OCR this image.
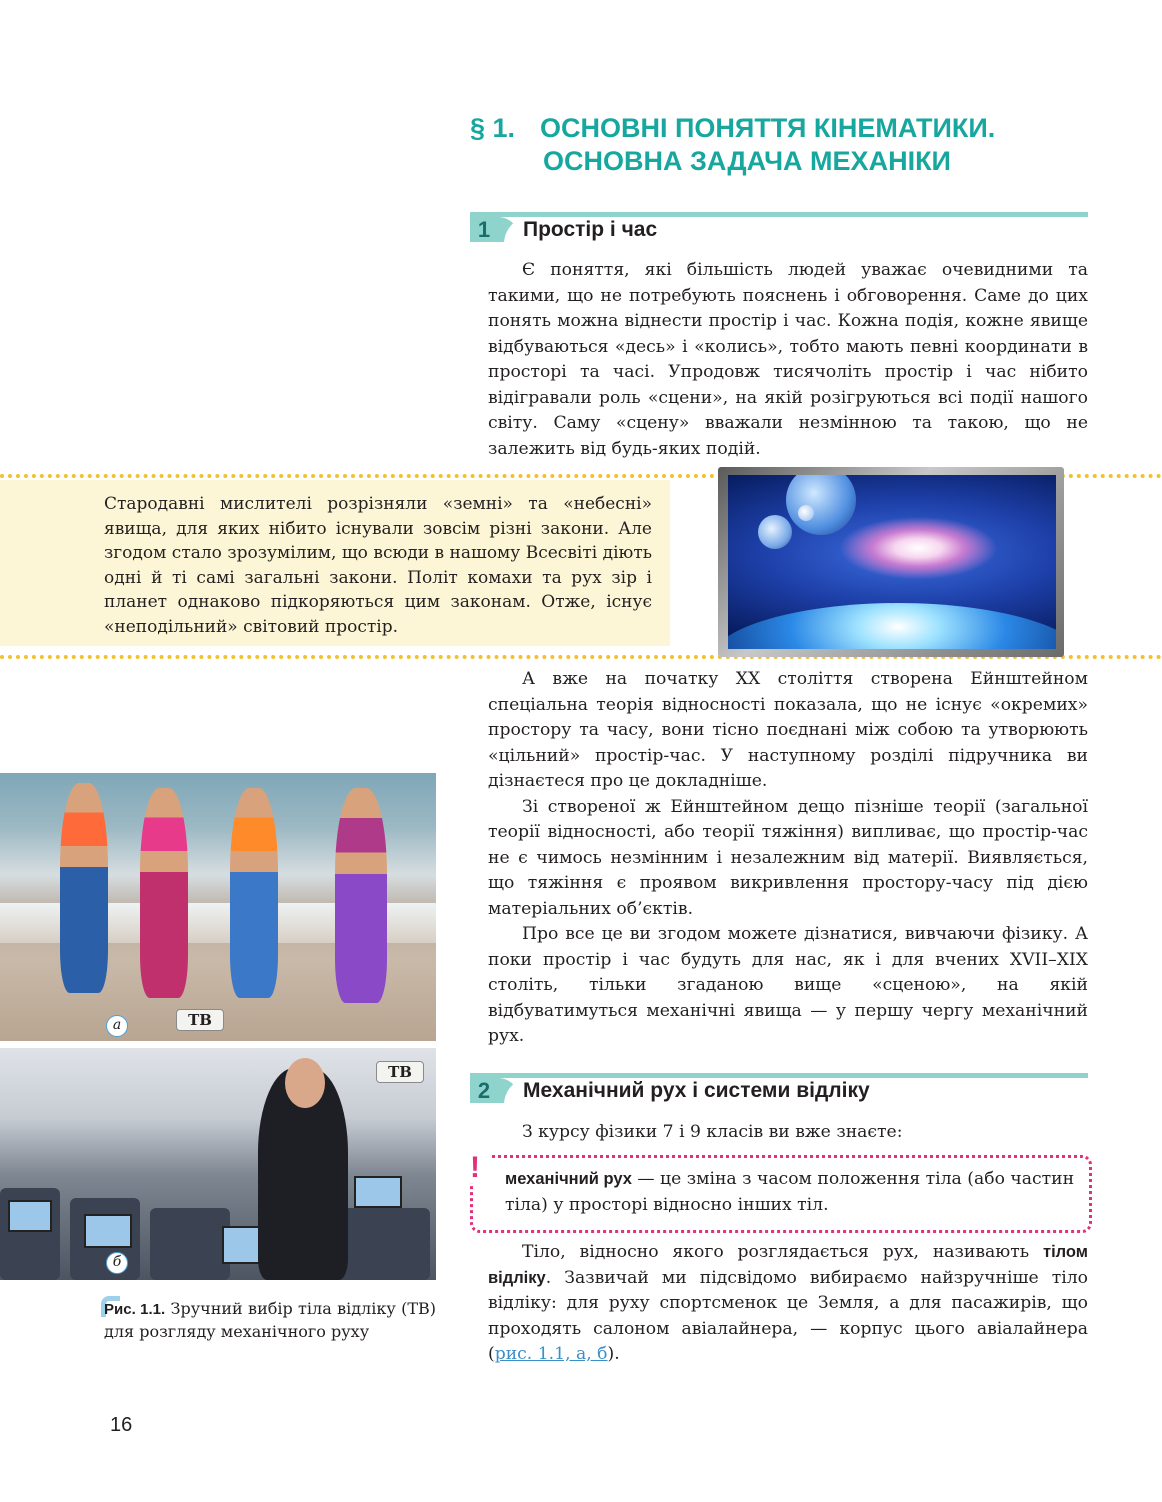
§ 1. ОСНОВНІ ПОНЯТТЯ КІНЕМАТИКИ.
ОСНОВНА ЗАДАЧА МЕХАНІКИ
1	Простір і час

Є поняття, які більшість людей уважає очевидними та такими, що не потребують пояснень і обговорення. Саме до цих понять можна віднести простір і час. Кожна подія, кожне явище відбуваються «десь» і «колись», тобто мають певні координати в просторі та часі. Упродовж тисячоліть простір і час нібито відігравали роль «сцени», на якій розігруються всі події нашого світу. Саму «сцену» вважали незмінною та такою, що не залежить від будь-яких подій.

Стародавні мислителі розрізняли «земні» та «небесні» явища, для яких нібито існували зовсім різні закони. Але згодом стало зрозумілим, що всюди в нашому Всесвіті діють одні й ті самі загальні закони. Політ комахи та рух зір і планет однаково підкоряються цим законам. Отже, існує «неподільний» світовий простір.

А вже на початку XX століття створена Ейнштейном спеціальна теорія відносності показала, що не існує «окремих» простору та часу, вони тісно поєднані між собою та утворюють «цільний» простір-час. У наступному розділі підручника ви дізнаєтеся про це докладніше.

Зі створеної ж Ейнштейном дещо пізніше теорії (загальної теорії відносності, або теорії тяжіння) випливає, що простір-час не є чимось незмінним і незалежним від матерії. Виявляється, що тяжіння є проявом викривлення простору-часу під дією матеріальних об’єктів.

Про все це ви згодом можете дізнатися, вивчаючи фізику. А поки простір і час будуть для нас, як і для вчених XVII–XIX століть, тільки згаданою вище «сценою», на якій відбуватимуться механічні явища — у першу чергу механічний рух.

а	ТВ
ТВ
б

Рис. 1.1. Зручний вибір тіла відліку (ТВ) для розгляду механічного руху

2	Механічний рух і системи відліку

З курсу фізики 7 і 9 класів ви вже знаєте:

! механічний рух — це зміна з часом положення тіла (або частин тіла) у просторі відносно інших тіл.

Тіло, відносно якого розглядається рух, називають тілом відліку. Зазвичай ми підсвідомо вибираємо найзручніше тіло відліку: для руху спортсменок це Земля, а для пасажирів, що проходять салоном авіалайнера, — корпус цього авіалайнера (рис. 1.1, а, б).

16
